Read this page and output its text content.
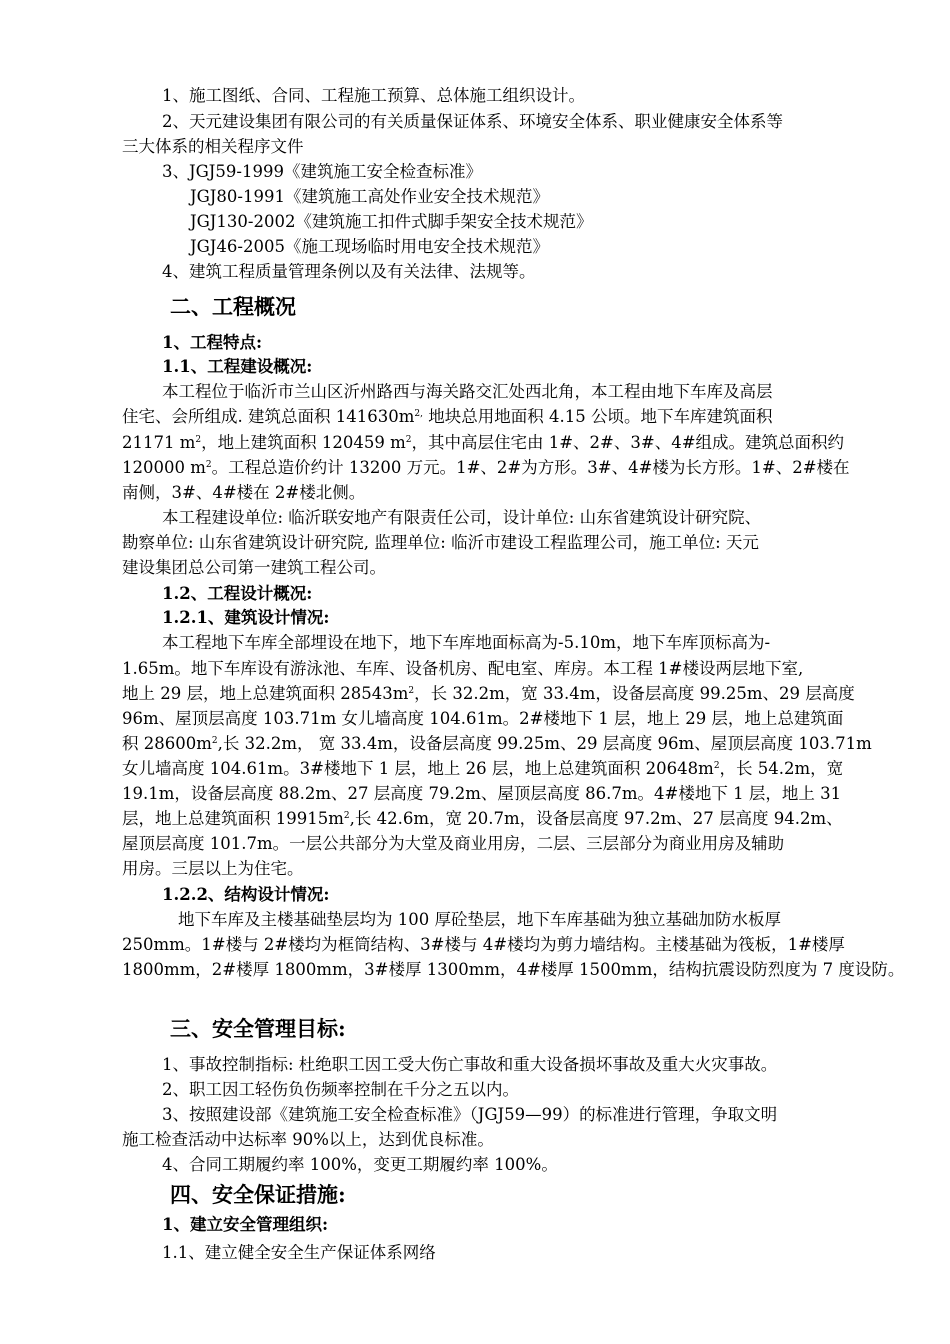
1、施工图纸、合同、工程施工预算、总体施工组织设计。
2、天元建设集团有限公司的有关质量保证体系、环境安全体系、职业健康安全体系等
三大体系的相关程序文件
3、JGJ59-1999《建筑施工安全检查标准》
JGJ80-1991《建筑施工高处作业安全技术规范》
JGJ130-2002《建筑施工扣件式脚手架安全技术规范》
JGJ46-2005《施工现场临时用电安全技术规范》
4、建筑工程质量管理条例以及有关法律、法规等。
二、工程概况
1、工程特点:
1.1、工程建设概况:
本工程位于临沂市兰山区沂州路西与海关路交汇处西北角，本工程由地下车库及高层
住宅、会所组成. 建筑总面积 $141630m^{2,}$ 地块总用地面积 4.15 公顷。地下车库建筑面积
21171 $m^2$，地上建筑面积 120459 $m^2$，其中高层住宅由 1#、2#、3#、4#组成。建筑总面积约
120000 $m^2$。工程总造价约计 13200 万元。1#、2#为方形。3#、4#楼为长方形。1#、2#楼在
南侧，3#、4#楼在 2#楼北侧。
本工程建设单位: 临沂联安地产有限责任公司，设计单位: 山东省建筑设计研究院、
勘察单位: 山东省建筑设计研究院, 监理单位: 临沂市建设工程监理公司，施工单位: 天元
建设集团总公司第一建筑工程公司。
1.2、工程设计概况:
1.2.1、建筑设计情况:
本工程地下车库全部埋设在地下，地下车库地面标高为-5.10m，地下车库顶标高为-
1.65m。地下车库设有游泳池、车库、设备机房、配电室、库房。本工程 1#楼设两层地下室,
地上 29 层，地上总建筑面积 $28543m^2$，长 32.2m，宽 33.4m，设备层高度 99.25m、29 层高度
96m、屋顶层高度 103.71m 女儿墙高度 104.61m。2#楼地下 1 层，地上 29 层，地上总建筑面
积 $28600m^2$,长 32.2m， 宽 33.4m，设备层高度 99.25m、29 层高度 96m、屋顶层高度 103.71m
女儿墙高度 104.61m。3#楼地下 1 层，地上 26 层，地上总建筑面积 $20648m^2$，长 54.2m，宽
19.1m，设备层高度 88.2m、27 层高度 79.2m、屋顶层高度 86.7m。4#楼地下 1 层，地上 31
层，地上总建筑面积 $19915m^2$,长 42.6m，宽 20.7m，设备层高度 97.2m、27 层高度 94.2m、
屋顶层高度 101.7m。一层公共部分为大堂及商业用房，二层、三层部分为商业用房及辅助
用房。三层以上为住宅。
1.2.2、结构设计情况:
地下车库及主楼基础垫层均为 100 厚砼垫层，地下车库基础为独立基础加防水板厚
250mm。1#楼与 2#楼均为框筒结构、3#楼与 4#楼均为剪力墙结构。主楼基础为筏板，1#楼厚
1800mm，2#楼厚 1800mm，3#楼厚 1300mm，4#楼厚 1500mm，结构抗震设防烈度为 7 度设防。
三、安全管理目标:
1、事故控制指标: 杜绝职工因工受大伤亡事故和重大设备损坏事故及重大火灾事故。
2、职工因工轻伤负伤频率控制在千分之五以内。
3、按照建设部《建筑施工安全检查标准》（JGJ59—99）的标准进行管理，争取文明
施工检查活动中达标率 90%以上，达到优良标准。
4、合同工期履约率 100%，变更工期履约率 100%。
四、安全保证措施:
1、建立安全管理组织:
1.1、建立健全安全生产保证体系网络
